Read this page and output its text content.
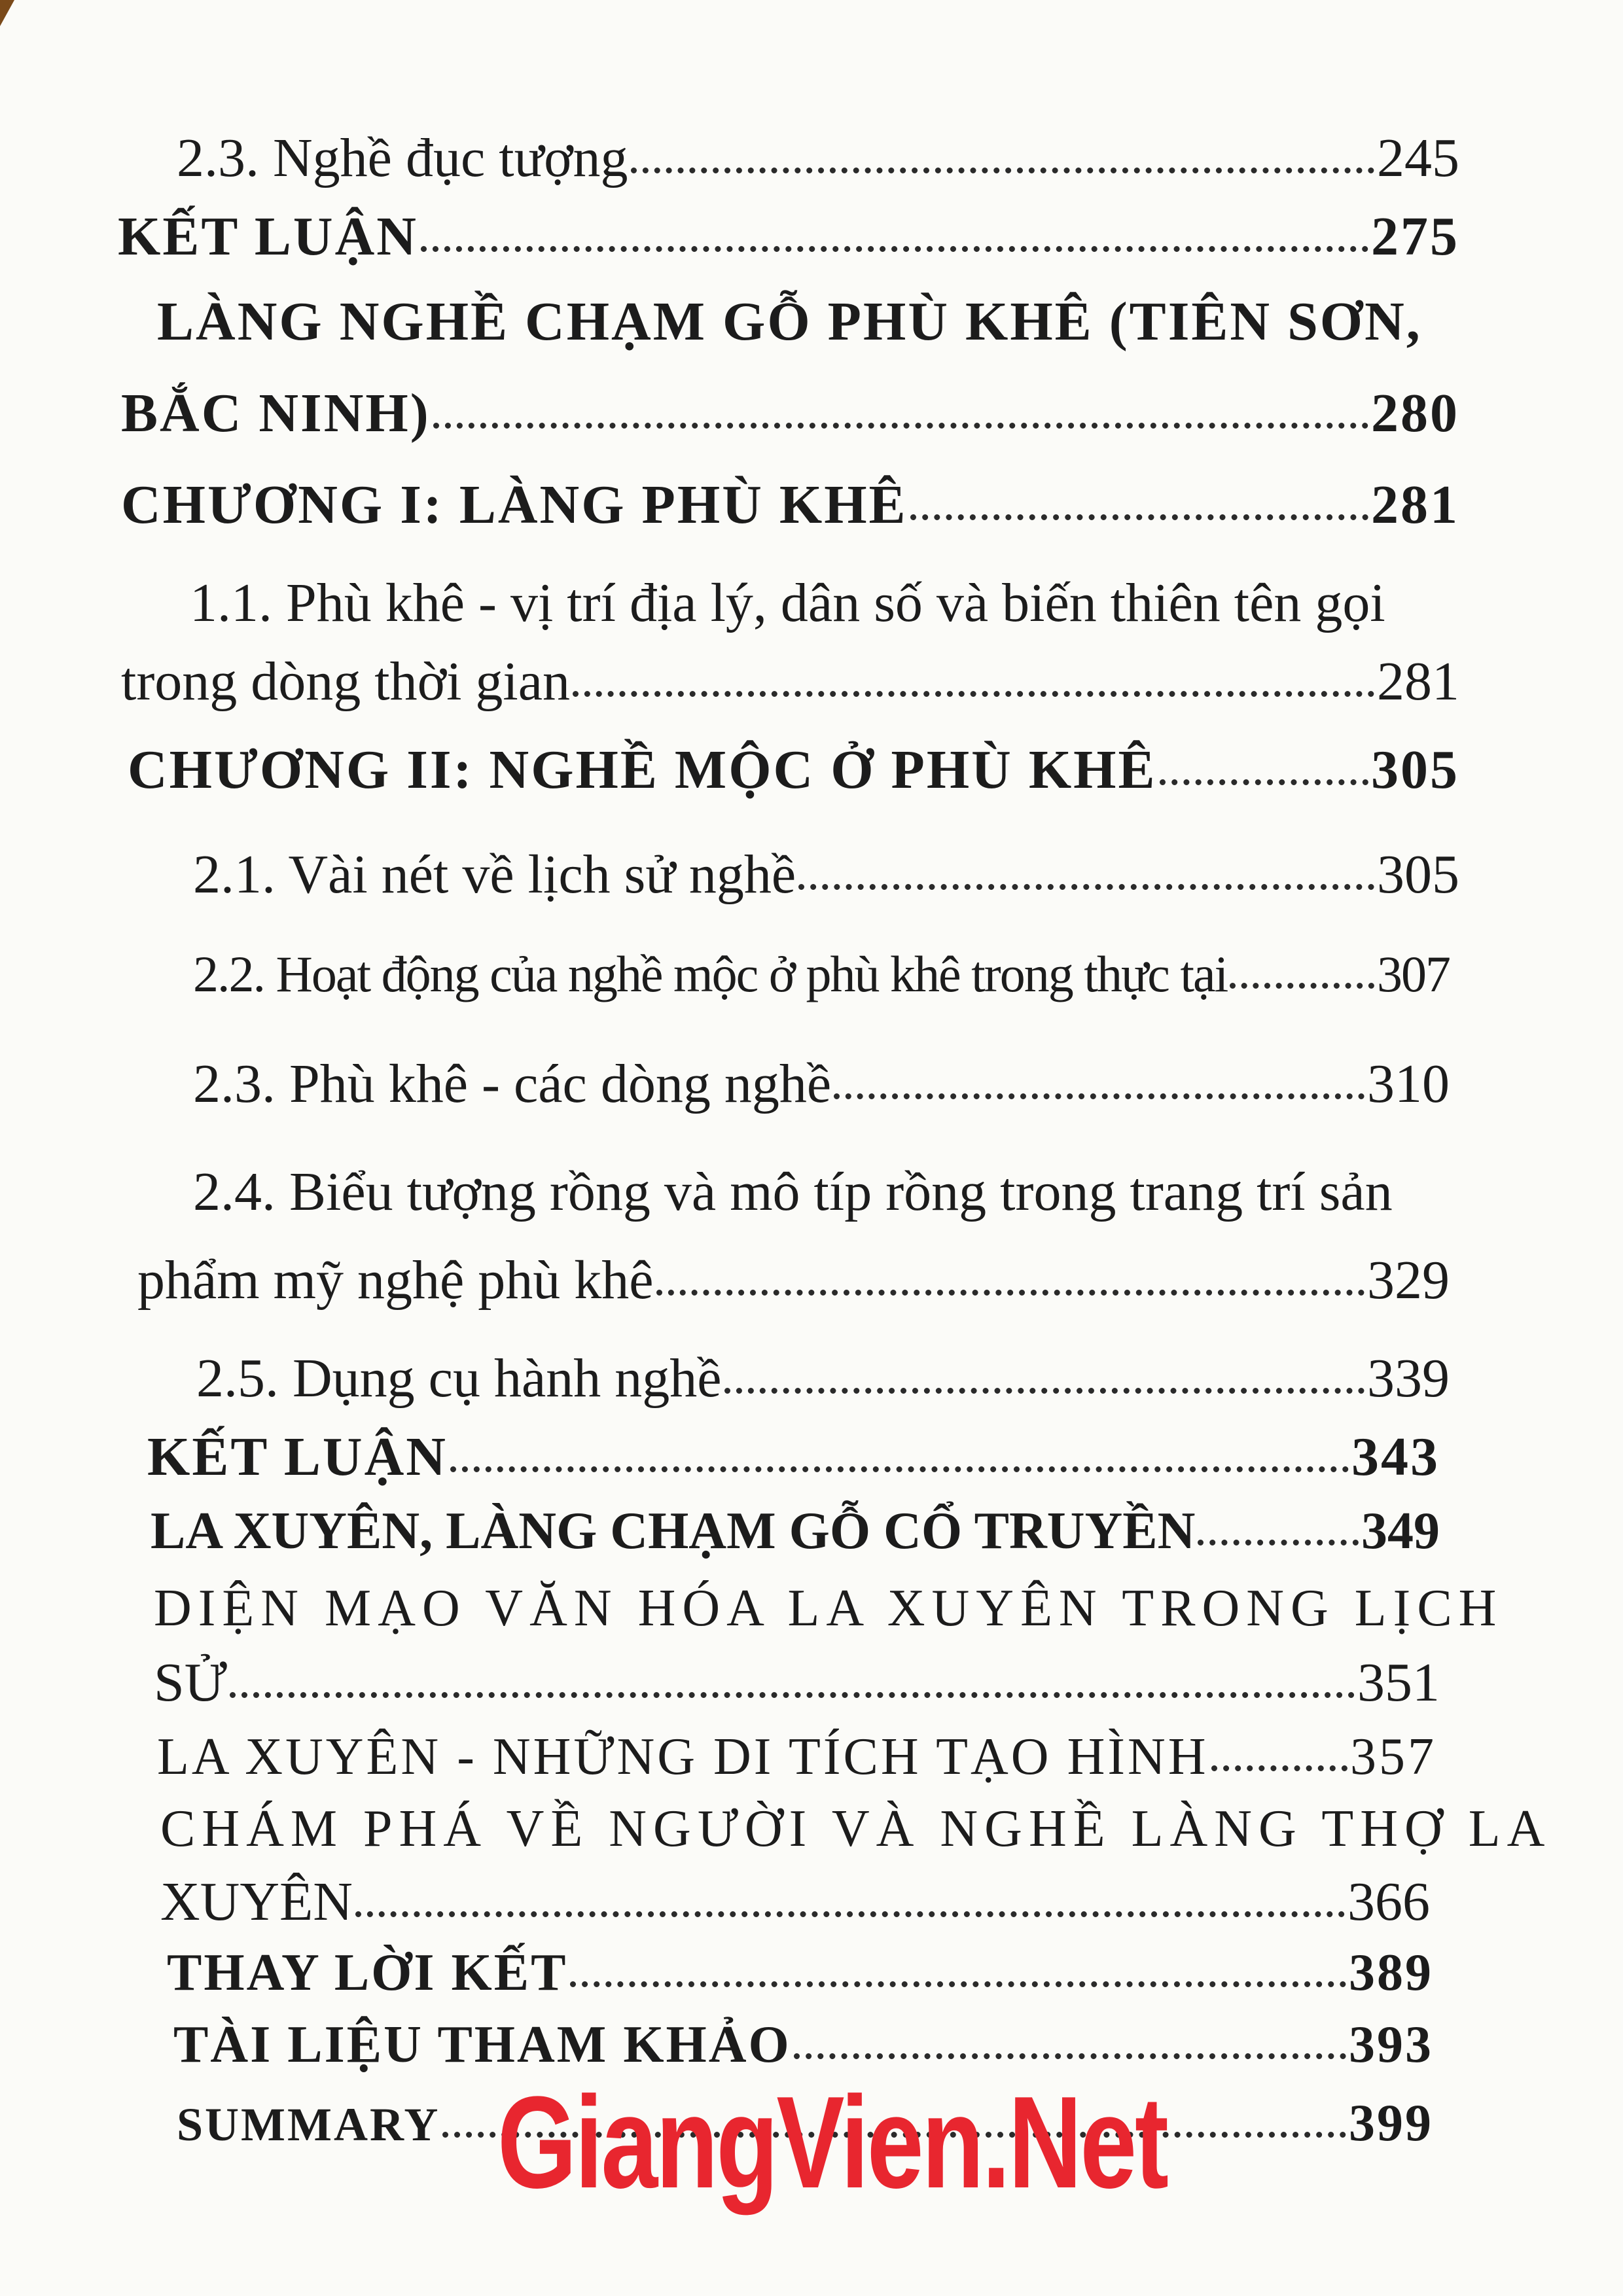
2.3. Nghề đục tượng	245
KẾT LUẬN	275
LÀNG NGHỀ CHẠM GỖ PHÙ KHÊ (TIÊN SƠN,
BẮC NINH)	280
CHƯƠNG I: LÀNG PHÙ KHÊ	281
1.1. Phù khê - vị trí địa lý, dân số và biến thiên tên gọi
trong dòng thời gian	281
CHƯƠNG II: NGHỀ MỘC Ở PHÙ KHÊ	305
2.1. Vài nét về lịch sử nghề	305
2.2. Hoạt động của nghề mộc ở phù khê trong thực tại	307
2.3. Phù khê - các dòng nghề	310
2.4. Biểu tượng rồng và mô típ rồng trong trang trí sản
phẩm mỹ nghệ phù khê	329
2.5. Dụng cụ hành nghề	339
KẾT LUẬN	343
LA XUYÊN, LÀNG CHẠM GỖ CỔ TRUYỀN	349
DIỆN MẠO VĂN HÓA LA XUYÊN TRONG LỊCH
SỬ	351
LA XUYÊN - NHỮNG DI TÍCH TẠO HÌNH	357
CHÁM PHÁ VỀ NGƯỜI VÀ NGHỀ LÀNG THỢ LA
XUYÊN	366
THAY LỜI KẾT	389
TÀI LIỆU THAM KHẢO	393
SUMMARY	399
GiangVien.Net
